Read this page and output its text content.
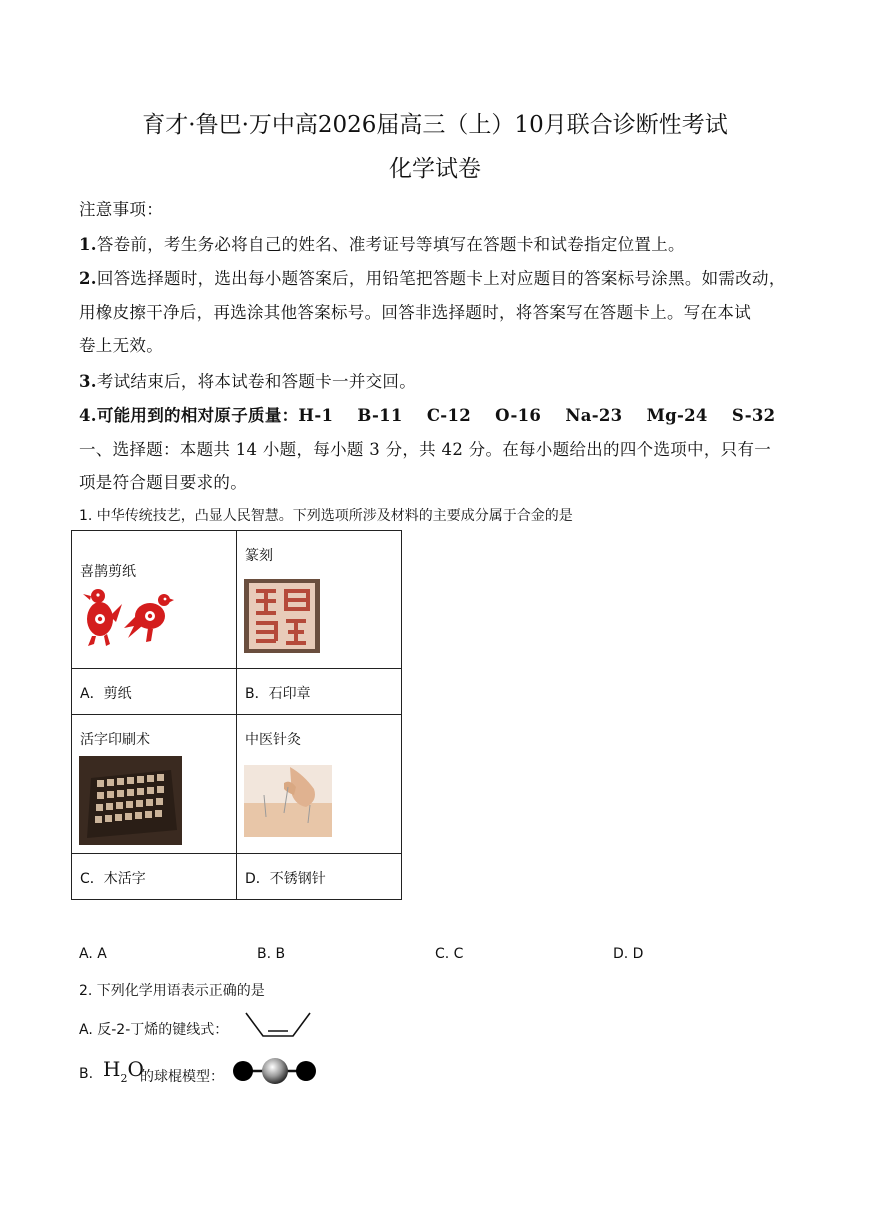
育才·鲁巴·万中高2026届高三（上）10月联合诊断性考试
化学试卷
注意事项：
1.答卷前，考生务必将自己的姓名、准考证号等填写在答题卡和试卷指定位置上。
2.回答选择题时，选出每小题答案后，用铅笔把答题卡上对应题目的答案标号涂黑。如需改动，
用橡皮擦干净后，再选涂其他答案标号。回答非选择题时，将答案写在答题卡上。写在本试
卷上无效。
3.考试结束后，将本试卷和答题卡一并交回。
4.可能用到的相对原子质量：H-1    B-11    C-12    O-16    Na-23    Mg-24    S-32
一、选择题：本题共 14 小题，每小题 3 分，共 42 分。在每小题给出的四个选项中，只有一
项是符合题目要求的。
1. 中华传统技艺，凸显人民智慧。下列选项所涉及材料的主要成分属于合金的是
喜鹊剪纸	篆刻

A．剪纸	B．石印章

活字印刷术	中医针灸

C．木活字	D．不锈钢针
A. A	B. B	C. C	D. D
2. 下列化学用语表示正确的是
A. 反-2-丁烯的键线式：
B. $H_2O$
的球棍模型：
